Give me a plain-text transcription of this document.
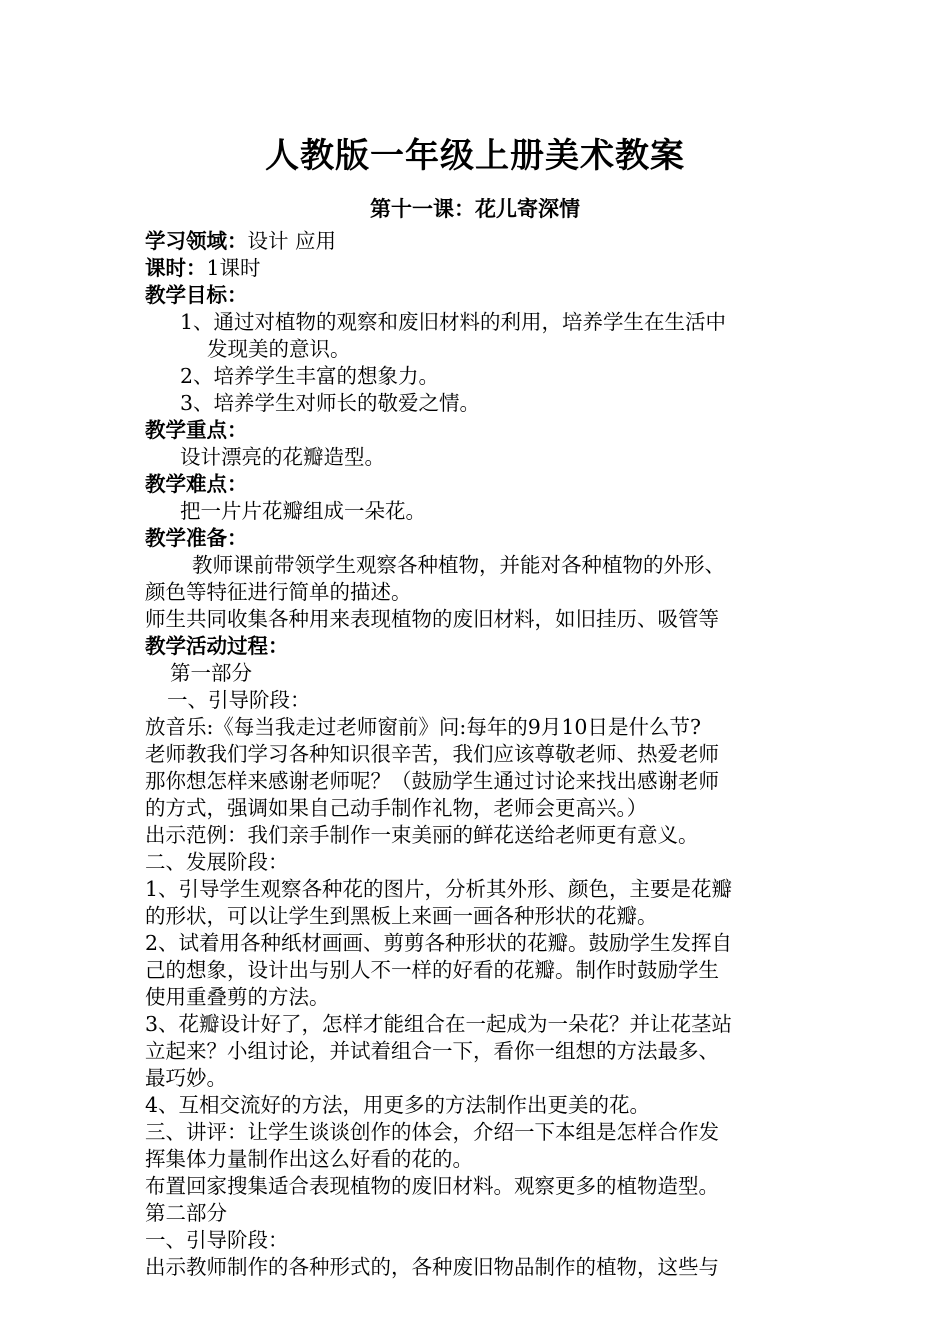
人教版一年级上册美术教案
第十一课：花儿寄深情
学习领域：设计 应用
课时：1课时
教学目标：
1、通过对植物的观察和废旧材料的利用，培养学生在生活中
发现美的意识。
2、培养学生丰富的想象力。
3、培养学生对师长的敬爱之情。
教学重点：
设计漂亮的花瓣造型。
教学难点：
把一片片花瓣组成一朵花。
教学准备：
教师课前带领学生观察各种植物，并能对各种植物的外形、
颜色等特征进行简单的描述。
师生共同收集各种用来表现植物的废旧材料，如旧挂历、吸管等
教学活动过程：
第一部分
一、引导阶段：
放音乐:《每当我走过老师窗前》问:每年的9月10日是什么节?
老师教我们学习各种知识很辛苦，我们应该尊敬老师、热爱老师
那你想怎样来感谢老师呢？（鼓励学生通过讨论来找出感谢老师
的方式，强调如果自己动手制作礼物，老师会更高兴。）
出示范例：我们亲手制作一束美丽的鲜花送给老师更有意义。
二、发展阶段：
1、引导学生观察各种花的图片，分析其外形、颜色，主要是花瓣
的形状，可以让学生到黑板上来画一画各种形状的花瓣。
2、试着用各种纸材画画、剪剪各种形状的花瓣。鼓励学生发挥自
己的想象，设计出与别人不一样的好看的花瓣。制作时鼓励学生
使用重叠剪的方法。
3、花瓣设计好了，怎样才能组合在一起成为一朵花？并让花茎站
立起来？小组讨论，并试着组合一下，看你一组想的方法最多、
最巧妙。
4、互相交流好的方法，用更多的方法制作出更美的花。
三、讲评：让学生谈谈创作的体会，介绍一下本组是怎样合作发
挥集体力量制作出这么好看的花的。
布置回家搜集适合表现植物的废旧材料。观察更多的植物造型。
第二部分
一、引导阶段：
出示教师制作的各种形式的，各种废旧物品制作的植物，这些与
